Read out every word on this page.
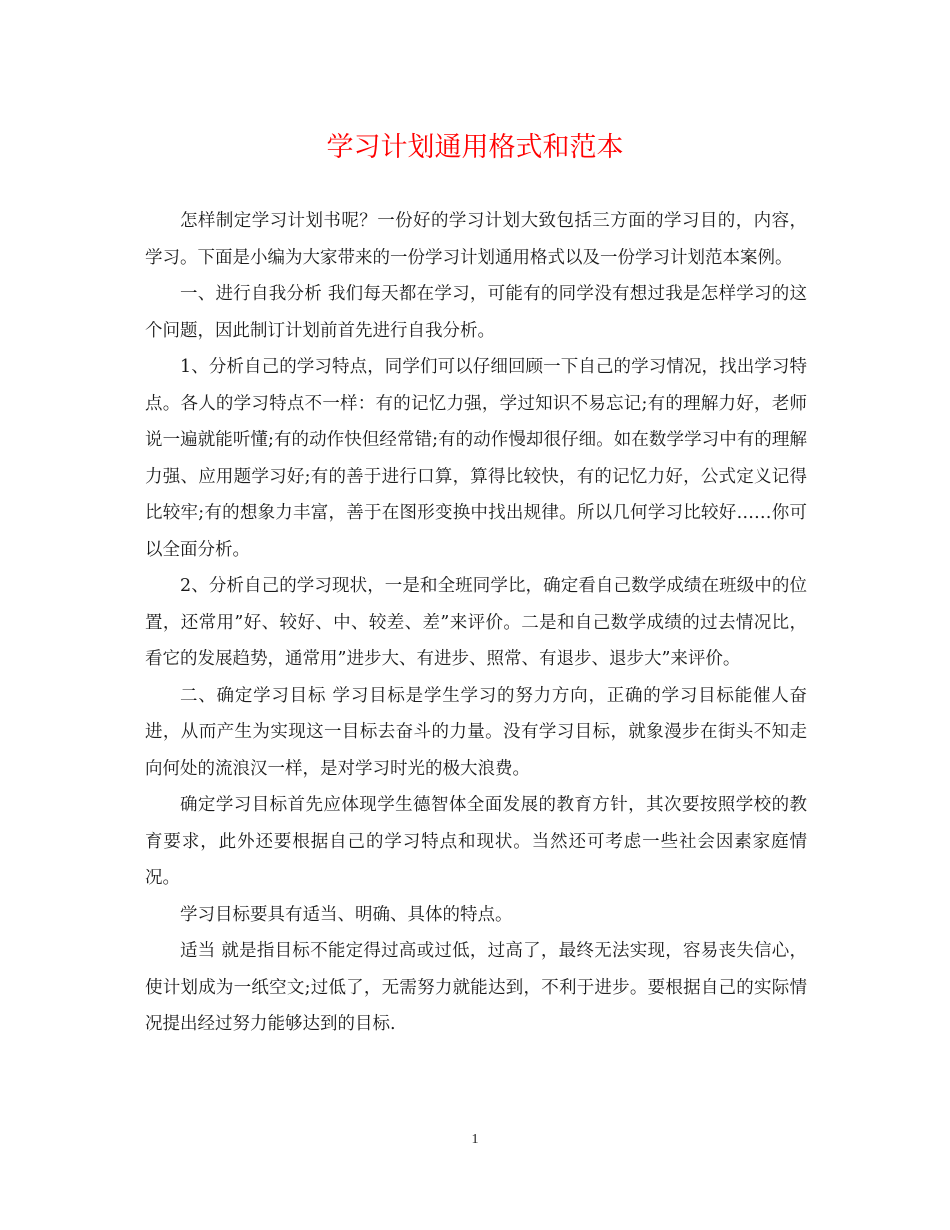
学习计划通用格式和范本

怎样制定学习计划书呢？一份好的学习计划大致包括三方面的学习目的，内容，学习。下面是小编为大家带来的一份学习计划通用格式以及一份学习计划范本案例。

一、进行自我分析 我们每天都在学习，可能有的同学没有想过我是怎样学习的这个问题，因此制订计划前首先进行自我分析。

1、分析自己的学习特点，同学们可以仔细回顾一下自己的学习情况，找出学习特点。各人的学习特点不一样：有的记忆力强，学过知识不易忘记;有的理解力好，老师说一遍就能听懂;有的动作快但经常错;有的动作慢却很仔细。如在数学学习中有的理解力强、应用题学习好;有的善于进行口算，算得比较快，有的记忆力好，公式定义记得比较牢;有的想象力丰富，善于在图形变换中找出规律。所以几何学习比较好……你可以全面分析。

2、分析自己的学习现状，一是和全班同学比，确定看自己数学成绩在班级中的位置，还常用”好、较好、中、较差、差”来评价。二是和自己数学成绩的过去情况比，看它的发展趋势，通常用”进步大、有进步、照常、有退步、退步大”来评价。

二、确定学习目标 学习目标是学生学习的努力方向，正确的学习目标能催人奋进，从而产生为实现这一目标去奋斗的力量。没有学习目标，就象漫步在街头不知走向何处的流浪汉一样，是对学习时光的极大浪费。

确定学习目标首先应体现学生德智体全面发展的教育方针，其次要按照学校的教育要求，此外还要根据自己的学习特点和现状。当然还可考虑一些社会因素家庭情况。

学习目标要具有适当、明确、具体的特点。

适当 就是指目标不能定得过高或过低，过高了，最终无法实现，容易丧失信心，使计划成为一纸空文;过低了，无需努力就能达到，不利于进步。要根据自己的实际情况提出经过努力能够达到的目标.

1
